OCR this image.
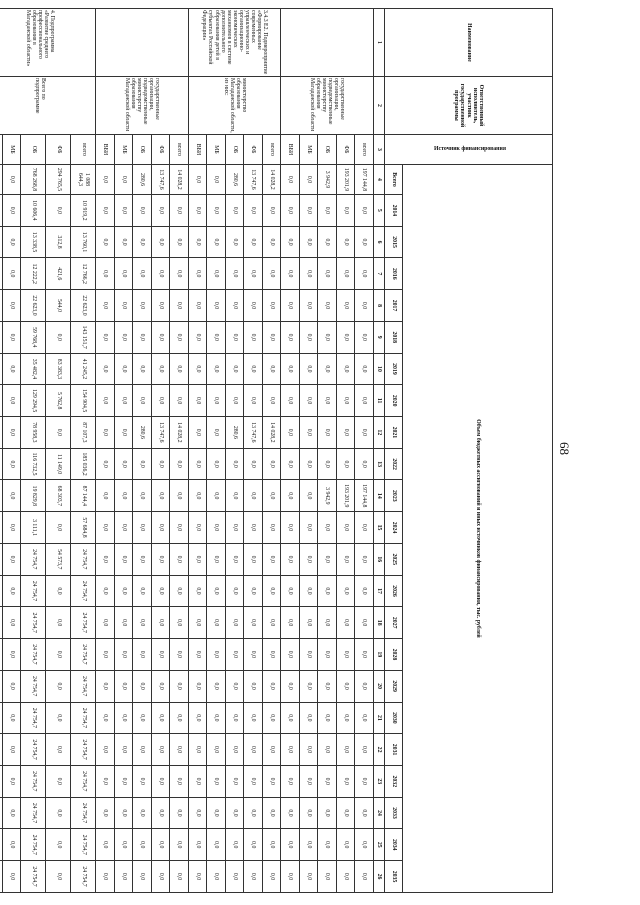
68
Наименование	Ответственный исполнитель, участник государственной программы	Источник финансирования	Объем бюджетных ассигнований и иных источников финансирования, тыс. рублей																						
			Всего	2014	2015	2016	2017	2018	2019	2020	2021	2022	2023	2024	2025	2026	2027	2028	2029	2030	2031	2032	2033	2034	2035
1	2	3	4	5	6	7	8	9	10	11	12	13	14	15	16	17	18	19	20	21	22	23	24	25	26
	государственные организации, подведомственные министерству образования Магаданской области	всего	197 144,8	0,0	0,0	0,0	0,0	0,0	0,0	0,0	0,0	0,0	197 144,8	0,0	0,0	0,0	0,0	0,0	0,0	0,0	0,0	0,0	0,0	0,0	0,0
		ФБ	193 201,9	0,0	0,0	0,0	0,0	0,0	0,0	0,0	0,0	0,0	193 201,9	0,0	0,0	0,0	0,0	0,0	0,0	0,0	0,0	0,0	0,0	0,0	0,0
		ОБ	3 942,9	0,0	0,0	0,0	0,0	0,0	0,0	0,0	0,0	0,0	3 942,9	0,0	0,0	0,0	0,0	0,0	0,0	0,0	0,0	0,0	0,0	0,0	0,0
		МБ	0,0	0,0	0,0	0,0	0,0	0,0	0,0	0,0	0,0	0,0	0,0	0,0	0,0	0,0	0,0	0,0	0,0	0,0	0,0	0,0	0,0	0,0	0,0
		ВБИ	0,0	0,0	0,0	0,0	0,0	0,0	0,0	0,0	0,0	0,0	0,0	0,0	0,0	0,0	0,0	0,0	0,0	0,0	0,0	0,0	0,0	0,0	0,0
3.4.3 Е2. Подмероприятие «Формирование современных управленческих и организационно-экономических механизмов в системе дополнительного образования детей в субъектах Российской Федерации»	министерство образования Магаданской области, из них:	всего	14 028,2	0,0	0,0	0,0	0,0	0,0	0,0	0,0	14 028,2	0,0	0,0	0,0	0,0	0,0	0,0	0,0	0,0	0,0	0,0	0,0	0,0	0,0	0,0
		ФБ	13 747,6	0,0	0,0	0,0	0,0	0,0	0,0	0,0	13 747,6	0,0	0,0	0,0	0,0	0,0	0,0	0,0	0,0	0,0	0,0	0,0	0,0	0,0	0,0
		ОБ	280,6	0,0	0,0	0,0	0,0	0,0	0,0	0,0	280,6	0,0	0,0	0,0	0,0	0,0	0,0	0,0	0,0	0,0	0,0	0,0	0,0	0,0	0,0
		МБ	0,0	0,0	0,0	0,0	0,0	0,0	0,0	0,0	0,0	0,0	0,0	0,0	0,0	0,0	0,0	0,0	0,0	0,0	0,0	0,0	0,0	0,0	0,0
		ВБИ	0,0	0,0	0,0	0,0	0,0	0,0	0,0	0,0	0,0	0,0	0,0	0,0	0,0	0,0	0,0	0,0	0,0	0,0	0,0	0,0	0,0	0,0	0,0
	государственные организации, подведомственные министерству образования Магаданской области	всего	14 028,2	0,0	0,0	0,0	0,0	0,0	0,0	0,0	14 028,2	0,0	0,0	0,0	0,0	0,0	0,0	0,0	0,0	0,0	0,0	0,0	0,0	0,0	0,0
		ФБ	13 747,6	0,0	0,0	0,0	0,0	0,0	0,0	0,0	13 747,6	0,0	0,0	0,0	0,0	0,0	0,0	0,0	0,0	0,0	0,0	0,0	0,0	0,0	0,0
		ОБ	280,6	0,0	0,0	0,0	0,0	0,0	0,0	0,0	280,6	0,0	0,0	0,0	0,0	0,0	0,0	0,0	0,0	0,0	0,0	0,0	0,0	0,0	0,0
		МБ	0,0	0,0	0,0	0,0	0,0	0,0	0,0	0,0	0,0	0,0	0,0	0,0	0,0	0,0	0,0	0,0	0,0	0,0	0,0	0,0	0,0	0,0	0,0
		ВБИ	0,0	0,0	0,0	0,0	0,0	0,0	0,0	0,0	0,0	0,0	0,0	0,0	0,0	0,0	0,0	0,0	0,0	0,0	0,0	0,0	0,0	0,0	0,0
4. Подпрограмма «Развитие среднего профессионального образования в Магаданской области»	Всего по подпрограмме	всего	1 088 644,3	10 919,2	13 760,1	12 766,2	22 623,0	143 151,7	41 245,2	154 904,5	87 107,3	185 036,2	87 144,4	57 684,8	24 754,7	24 754,7	24 754,7	24 754,7	24 754,7	24 754,7	24 754,7	24 754,7	24 754,7	24 754,7	24 754,7
		ФБ	294 765,5	0,0	312,8	421,6	544,0	0,0	83 383,3	5 762,8	0,0	11 149,0	68 303,7	0,0	54 573,7	0,0	0,0	0,0	0,0	0,0	0,0	0,0	0,0	0,0	0,0
		ОБ	768 268,8	10 606,4	13 338,5	12 222,2	22 623,0	59 768,4	35 482,4	129 294,5	78 958,3	116 732,5	19 829,8	3 111,1	24 754,7	24 754,7	24 754,7	24 754,7	24 754,7	24 754,7	24 754,7	24 754,7	24 754,7	24 754,7	24 754,7
		МБ	0,0	0,0	0,0	0,0	0,0	0,0	0,0	0,0	0,0	0,0	0,0	0,0	0,0	0,0	0,0	0,0	0,0	0,0	0,0	0,0	0,0	0,0	0,0
